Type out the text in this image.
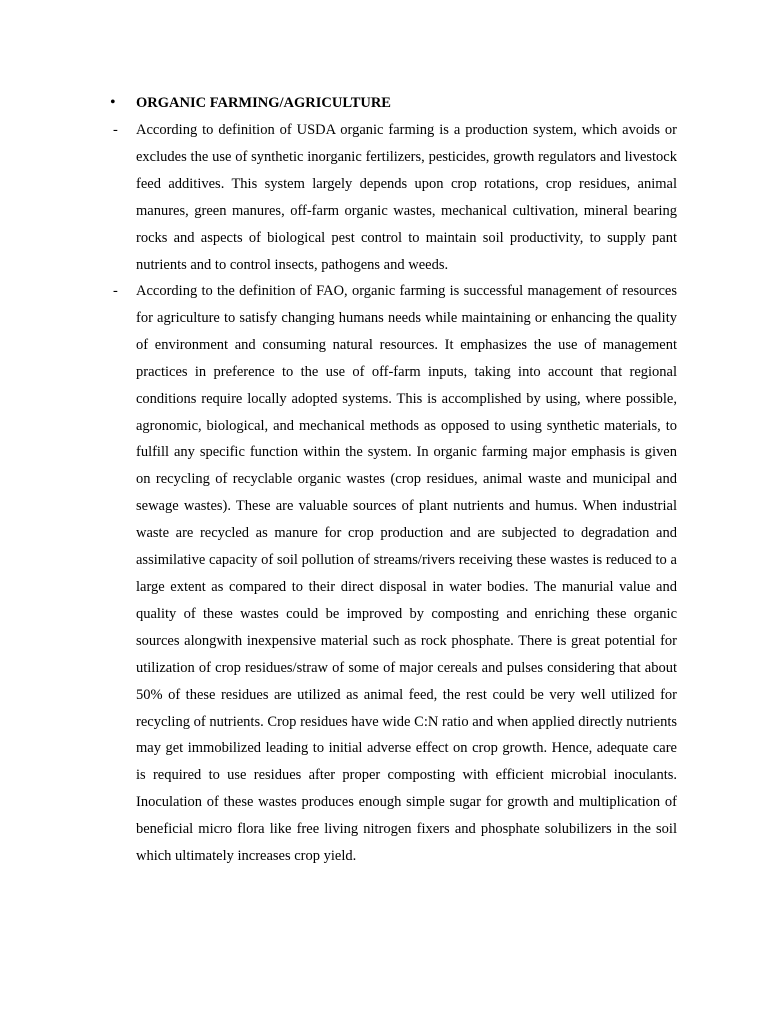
• ORGANIC FARMING/AGRICULTURE
- According to definition of USDA organic farming is a production system, which avoids or excludes the use of synthetic inorganic fertilizers, pesticides, growth regulators and livestock feed additives. This system largely depends upon crop rotations, crop residues, animal manures, green manures, off-farm organic wastes, mechanical cultivation, mineral bearing rocks and aspects of biological pest control to maintain soil productivity, to supply pant nutrients and to control insects, pathogens and weeds.

- According to the definition of FAO, organic farming is successful management of resources for agriculture to satisfy changing humans needs while maintaining or enhancing the quality of environment and consuming natural resources. It emphasizes the use of management practices in preference to the use of off-farm inputs, taking into account that regional conditions require locally adopted systems. This is accomplished by using, where possible, agronomic, biological, and mechanical methods as opposed to using synthetic materials, to fulfill any specific function within the system. In organic farming major emphasis is given on recycling of recyclable organic wastes (crop residues, animal waste and municipal and sewage wastes). These are valuable sources of plant nutrients and humus. When industrial waste are recycled as manure for crop production and are subjected to degradation and assimilative capacity of soil pollution of streams/rivers receiving these wastes is reduced to a large extent as compared to their direct disposal in water bodies. The manurial value and quality of these wastes could be improved by composting and enriching these organic sources alongwith inexpensive material such as rock phosphate. There is great potential for utilization of crop residues/straw of some of major cereals and pulses considering that about 50% of these residues are utilized as animal feed, the rest could be very well utilized for recycling of nutrients. Crop residues have wide C:N ratio and when applied directly nutrients may get immobilized leading to initial adverse effect on crop growth. Hence, adequate care is required to use residues after proper composting with efficient microbial inoculants. Inoculation of these wastes produces enough simple sugar for growth and multiplication of beneficial micro flora like free living nitrogen fixers and phosphate solubilizers in the soil which ultimately increases crop yield.
